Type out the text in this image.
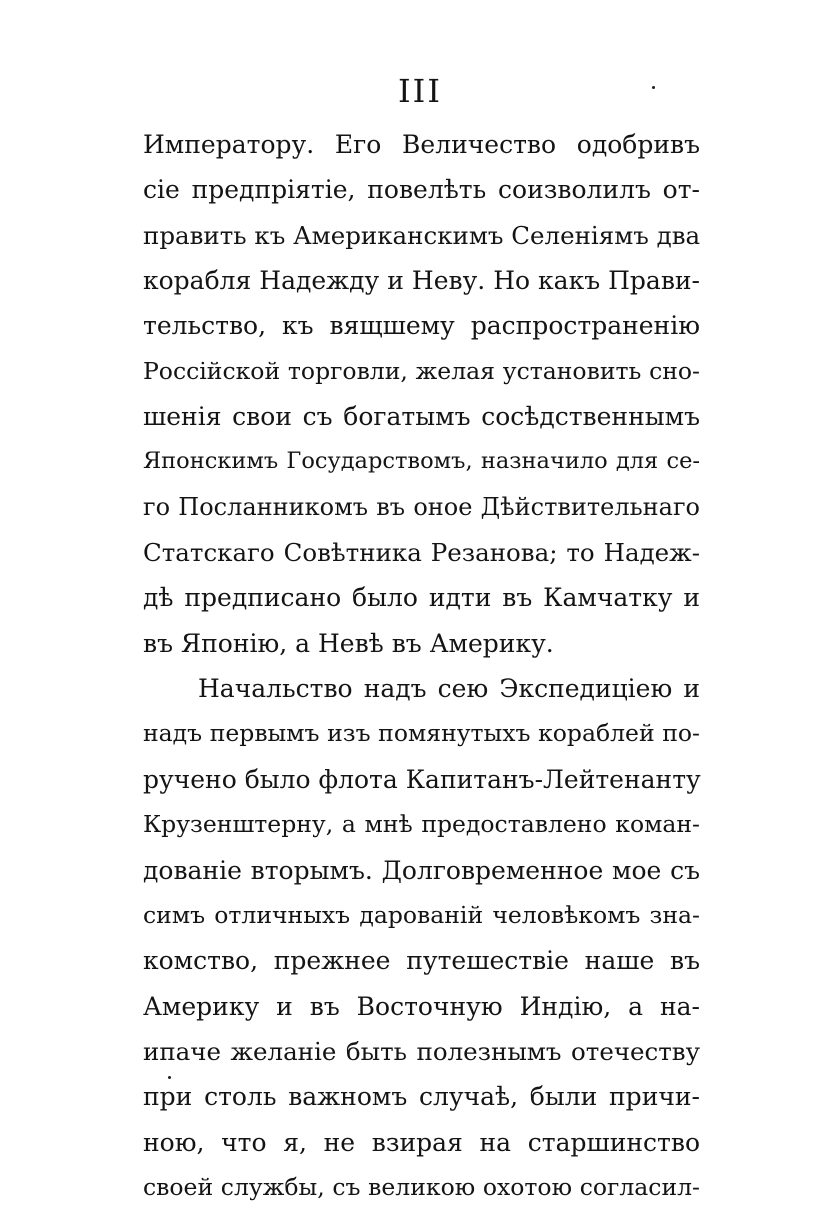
III
Императору. Его Величество одобривъ
сіе предпріятіе, повелѣть соизволилъ от-
править къ Американскимъ Селеніямъ два
корабля Надежду и Неву. Но какъ Прави-
тельство, къ вящшему распространенію
Россійской торговли, желая установить сно-
шенія свои съ богатымъ сосѣдственнымъ
Японскимъ Государствомъ, назначило для се-
го Посланникомъ въ оное Дѣйствительнаго
Статскаго Совѣтника Резанова; то Надеж-
дѣ предписано было идти въ Камчатку и
въ Японію, а Невѣ въ Америку.
Начальство надъ сею Экспедиціею и
надъ первымъ изъ помянутыхъ кораблей по-
ручено было флота Капитанъ-Лейтенанту
Крузенштерну, а мнѣ предоставлено коман-
дованіе вторымъ. Долговременное мое съ
симъ отличныхъ дарованій человѣкомъ зна-
комство, прежнее путешествіе наше въ
Америку и въ Восточную Индію, а на-
ипаче желаніе быть полезнымъ отечеству
при столь важномъ случаѣ, были причи-
ною, что я, не взирая на старшинство
своей службы, съ великою охотою согласил-
